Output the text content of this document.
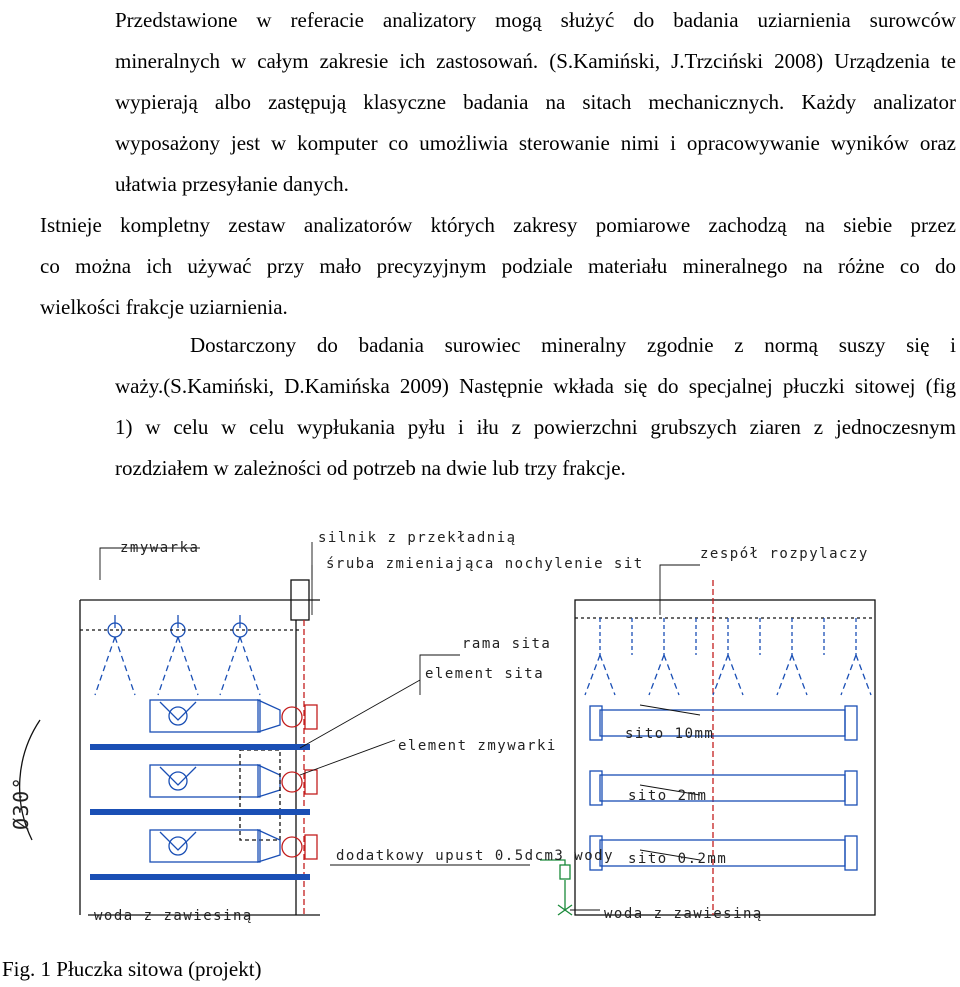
Przedstawione w referacie analizatory mogą służyć do badania uziarnienia surowców
mineralnych w całym zakresie ich zastosowań. (S.Kamiński, J.Trzciński 2008) Urządzenia te
wypierają albo zastępują klasyczne badania na sitach mechanicznych. Każdy analizator
wyposażony jest w komputer co umożliwia sterowanie nimi i opracowywanie wyników oraz
ułatwia przesyłanie danych.
Istnieje kompletny zestaw analizatorów których zakresy pomiarowe zachodzą na siebie przez
co można ich używać przy mało precyzyjnym podziale materiału mineralnego na różne co do
wielkości frakcje uziarnienia.
Dostarczony do badania surowiec mineralny zgodnie z normą suszy się i
waży.(S.Kamiński, D.Kamińska 2009) Następnie wkłada się do specjalnej płuczki sitowej (fig
1) w celu w celu wypłukania pyłu i iłu z powierzchni grubszych ziaren z jednoczesnym
rozdziałem w zależności od potrzeb na dwie lub trzy frakcje.
zmywarka
silnik z przekładnią
śruba zmieniająca nochylenie sit
zespół rozpylaczy
rama sita
element sita
element zmywarki
sito 10mm
sito 2mm
sito 0.2mm
dodatkowy upust 0.5dcm3 wody
woda z zawiesiną	woda z zawiesiną
Ø30°
Fig. 1 Płuczka sitowa (projekt)
